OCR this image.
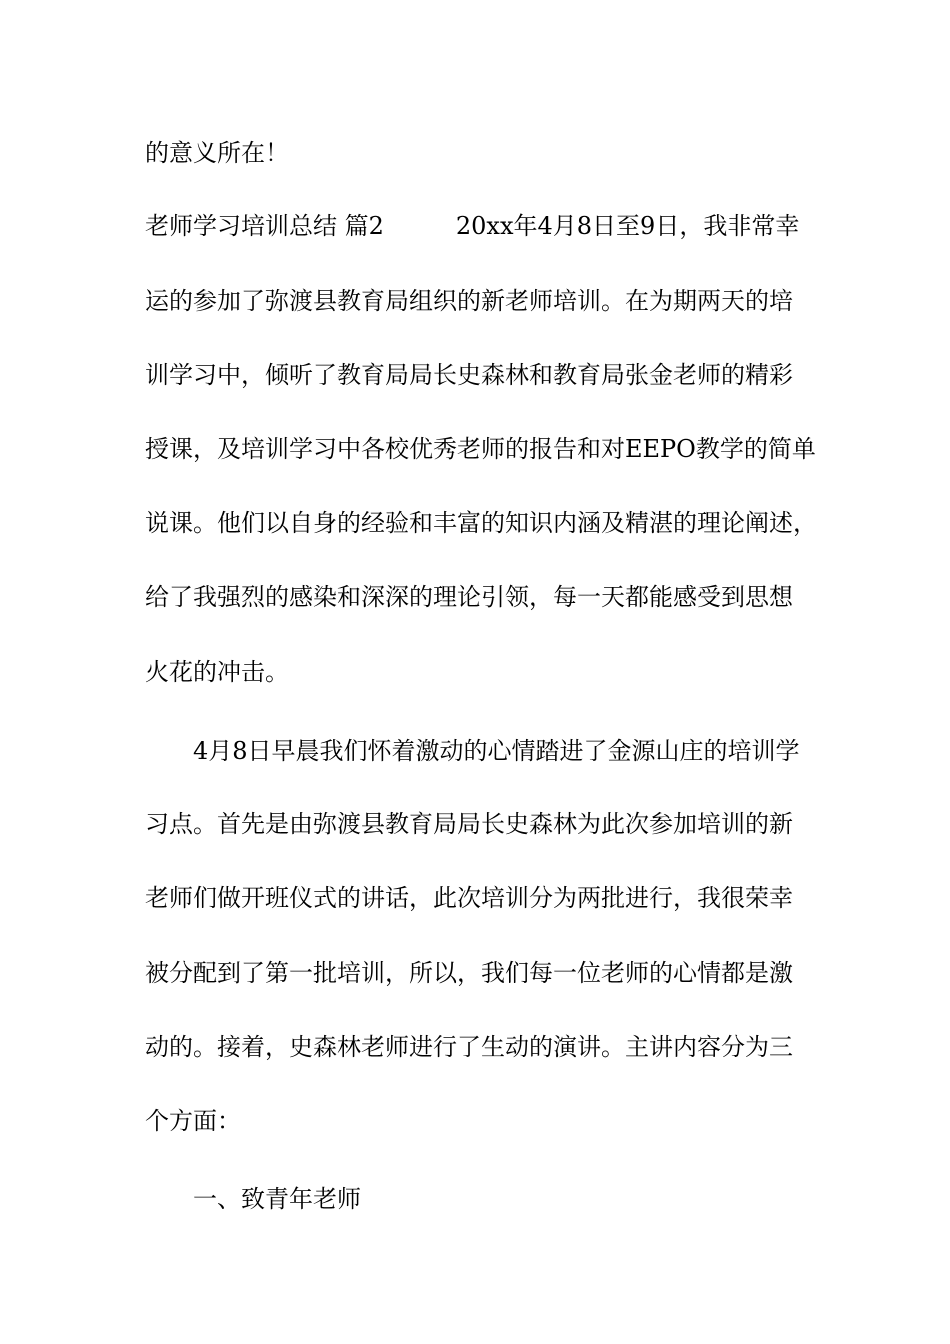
的意义所在！
老师学习培训总结 篇2　　　20xx年4月8日至9日，我非常幸
运的参加了弥渡县教育局组织的新老师培训。在为期两天的培
训学习中，倾听了教育局局长史森林和教育局张金老师的精彩
授课，及培训学习中各校优秀老师的报告和对EEPO教学的简单
说课。他们以自身的经验和丰富的知识内涵及精湛的理论阐述，
给了我强烈的感染和深深的理论引领，每一天都能感受到思想
火花的冲击。
　　4月8日早晨我们怀着激动的心情踏进了金源山庄的培训学
习点。首先是由弥渡县教育局局长史森林为此次参加培训的新
老师们做开班仪式的讲话，此次培训分为两批进行，我很荣幸
被分配到了第一批培训，所以，我们每一位老师的心情都是激
动的。接着，史森林老师进行了生动的演讲。主讲内容分为三
个方面：
　　一、致青年老师
